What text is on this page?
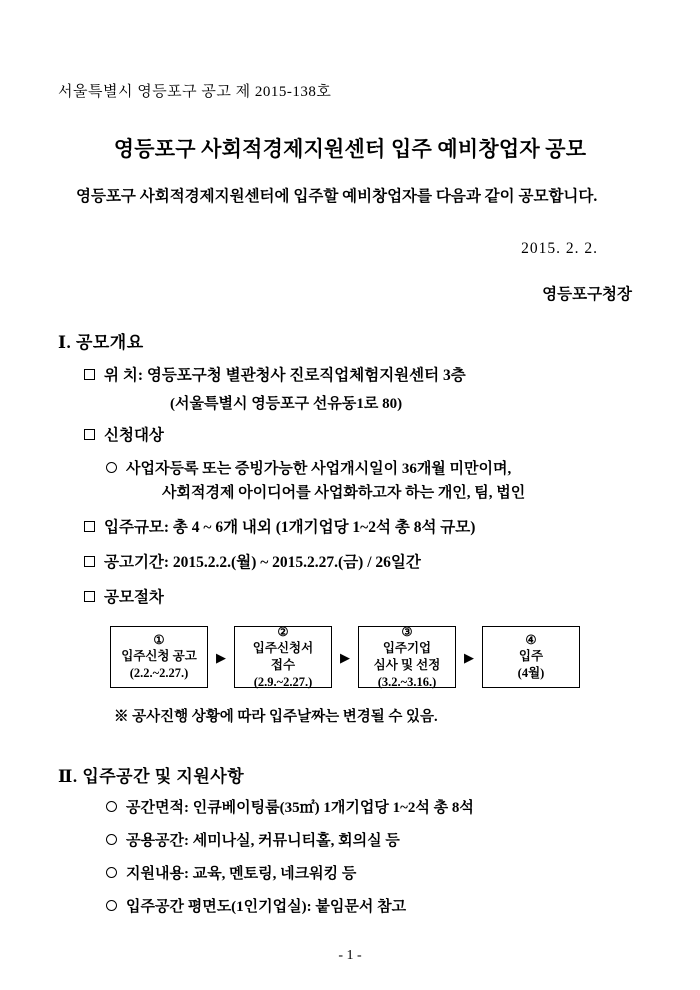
서울특별시 영등포구 공고 제 2015-138호
영등포구 사회적경제지원센터 입주 예비창업자 공모

영등포구 사회적경제지원센터에 입주할 예비창업자를 다음과 같이 공모합니다.

2015. 2. 2.
영등포구청장
Ⅰ. 공모개요
위 치: 영등포구청 별관청사 진로직업체험지원센터 3층
(서울특별시 영등포구 선유동1로 80)
신청대상
사업자등록 또는 증빙가능한 사업개시일이 36개월 미만이며,
사회적경제 아이디어를 사업화하고자 하는 개인, 팀, 법인
입주규모: 총 4 ~ 6개 내외 (1개기업당 1~2석 총 8석 규모)
공고기간: 2015.2.2.(월) ~ 2015.2.27.(금) / 26일간
공모절차
①
입주신청 공고
(2.2.~2.27.)
▶
②
입주신청서
접수
(2.9.~2.27.)
▶
③
입주기업
심사 및 선정
(3.2.~3.16.)
▶
④
입주
(4월)
※ 공사진행 상황에 따라 입주날짜는 변경될 수 있음.
Ⅱ. 입주공간 및 지원사항
공간면적: 인큐베이팅룸(35㎡) 1개기업당 1~2석 총 8석
공용공간: 세미나실, 커뮤니티홀, 회의실 등
지원내용: 교육, 멘토링, 네크워킹 등
입주공간 평면도(1인기업실): 붙임문서 참고
- 1 -
